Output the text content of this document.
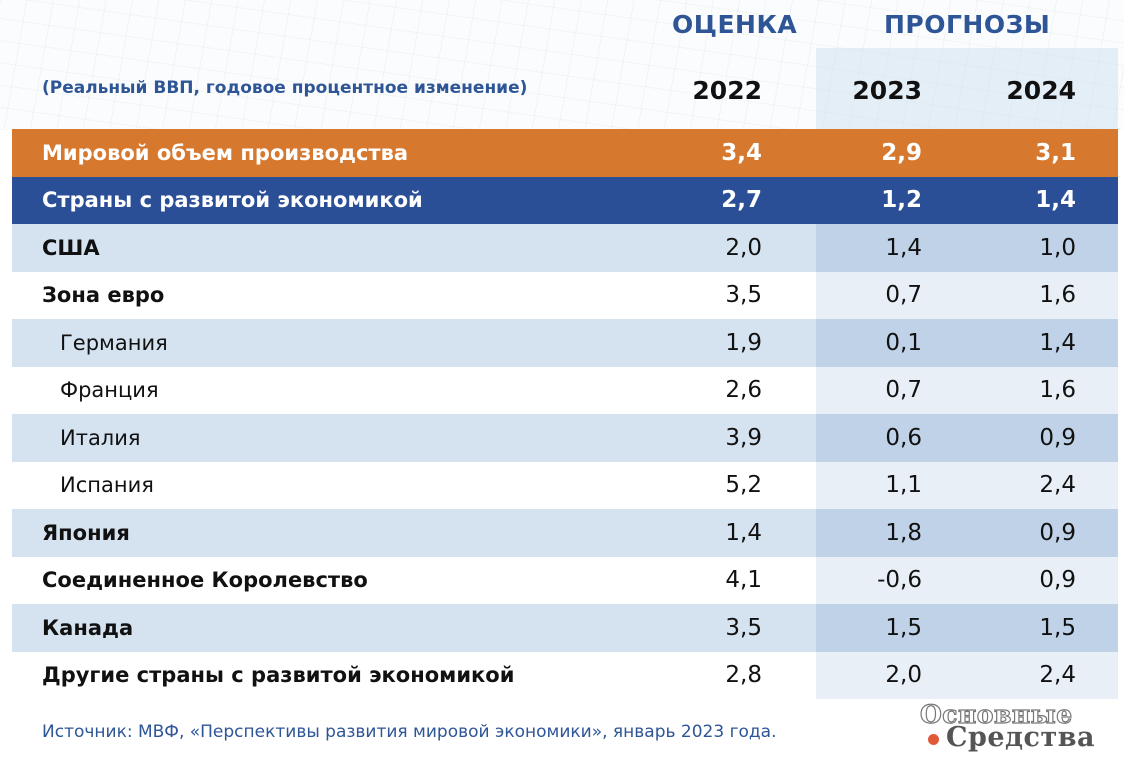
ОЦЕНКА	ПРОГНОЗЫ
(Реальный ВВП, годовое процентное изменение)	2022	2023	2024
Мировой объем производства	3,4	2,9	3,1
Страны с развитой экономикой	2,7	1,2	1,4
США	2,0	1,4	1,0
Зона евро	3,5	0,7	1,6
Германия	1,9	0,1	1,4
Франция	2,6	0,7	1,6
Италия	3,9	0,6	0,9
Испания	5,2	1,1	2,4
Япония	1,4	1,8	0,9
Соединенное Королевство	4,1	-0,6	0,9
Канада	3,5	1,5	1,5
Другие страны с развитой экономикой	2,8	2,0	2,4
Источник: МВФ, «Перспективы развития мировой экономики», январь 2023 года.
Основные
Средства
